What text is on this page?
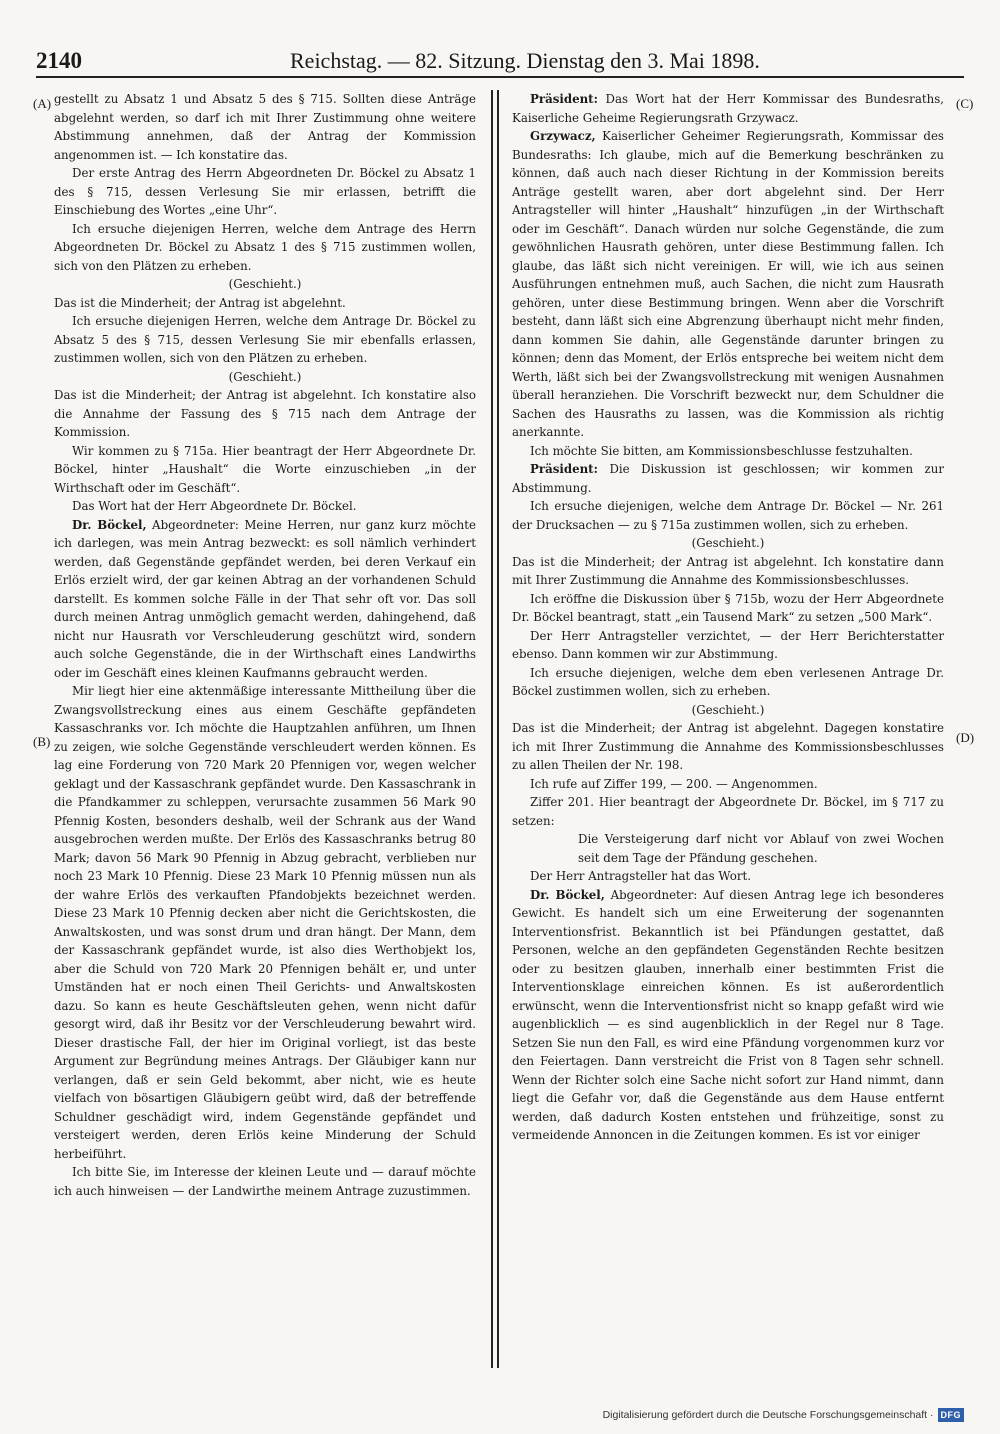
2140	Reichstag. — 82. Sitzung. Dienstag den 3. Mai 1898.
(A)
(B)
(C)
(D)

gestellt zu Absatz 1 und Absatz 5 des § 715. Sollten diese Anträge abgelehnt werden, so darf ich mit Ihrer Zustimmung ohne weitere Abstimmung annehmen, daß der Antrag der Kommission angenommen ist. — Ich konstatire das.

Der erste Antrag des Herrn Abgeordneten Dr. Böckel zu Absatz 1 des § 715, dessen Verlesung Sie mir erlassen, betrifft die Einschiebung des Wortes „eine Uhr“.

Ich ersuche diejenigen Herren, welche dem Antrage des Herrn Abgeordneten Dr. Böckel zu Absatz 1 des § 715 zustimmen wollen, sich von den Plätzen zu erheben.

(Geschieht.)

Das ist die Minderheit; der Antrag ist abgelehnt.

Ich ersuche diejenigen Herren, welche dem Antrage Dr. Böckel zu Absatz 5 des § 715, dessen Verlesung Sie mir ebenfalls erlassen, zustimmen wollen, sich von den Plätzen zu erheben.

(Geschieht.)

Das ist die Minderheit; der Antrag ist abgelehnt. Ich konstatire also die Annahme der Fassung des § 715 nach dem Antrage der Kommission.

Wir kommen zu § 715a. Hier beantragt der Herr Abgeordnete Dr. Böckel, hinter „Haushalt“ die Worte einzuschieben „in der Wirthschaft oder im Geschäft“.

Das Wort hat der Herr Abgeordnete Dr. Böckel.

Dr. Böckel, Abgeordneter: Meine Herren, nur ganz kurz möchte ich darlegen, was mein Antrag bezweckt: es soll nämlich verhindert werden, daß Gegenstände gepfändet werden, bei deren Verkauf ein Erlös erzielt wird, der gar keinen Abtrag an der vorhandenen Schuld darstellt. Es kommen solche Fälle in der That sehr oft vor. Das soll durch meinen Antrag unmöglich gemacht werden, dahingehend, daß nicht nur Hausrath vor Verschleuderung geschützt wird, sondern auch solche Gegenstände, die in der Wirthschaft eines Landwirths oder im Geschäft eines kleinen Kaufmanns gebraucht werden.

Mir liegt hier eine aktenmäßige interessante Mittheilung über die Zwangsvollstreckung eines aus einem Geschäfte gepfändeten Kassaschranks vor. Ich möchte die Hauptzahlen anführen, um Ihnen zu zeigen, wie solche Gegenstände verschleudert werden können. Es lag eine Forderung von 720 Mark 20 Pfennigen vor, wegen welcher geklagt und der Kassaschrank gepfändet wurde. Den Kassaschrank in die Pfandkammer zu schleppen, verursachte zusammen 56 Mark 90 Pfennig Kosten, besonders deshalb, weil der Schrank aus der Wand ausgebrochen werden mußte. Der Erlös des Kassaschranks betrug 80 Mark; davon 56 Mark 90 Pfennig in Abzug gebracht, verblieben nur noch 23 Mark 10 Pfennig. Diese 23 Mark 10 Pfennig müssen nun als der wahre Erlös des verkauften Pfandobjekts bezeichnet werden. Diese 23 Mark 10 Pfennig decken aber nicht die Gerichtskosten, die Anwaltskosten, und was sonst drum und dran hängt. Der Mann, dem der Kassaschrank gepfändet wurde, ist also dies Werthobjekt los, aber die Schuld von 720 Mark 20 Pfennigen behält er, und unter Umständen hat er noch einen Theil Gerichts- und Anwaltskosten dazu. So kann es heute Geschäftsleuten gehen, wenn nicht dafür gesorgt wird, daß ihr Besitz vor der Verschleuderung bewahrt wird. Dieser drastische Fall, der hier im Original vorliegt, ist das beste Argument zur Begründung meines Antrags. Der Gläubiger kann nur verlangen, daß er sein Geld bekommt, aber nicht, wie es heute vielfach von bösartigen Gläubigern geübt wird, daß der betreffende Schuldner geschädigt wird, indem Gegenstände gepfändet und versteigert werden, deren Erlös keine Minderung der Schuld herbeiführt.

Ich bitte Sie, im Interesse der kleinen Leute und — darauf möchte ich auch hinweisen — der Landwirthe meinem Antrage zuzustimmen.

Präsident: Das Wort hat der Herr Kommissar des Bundesraths, Kaiserliche Geheime Regierungsrath Grzywacz.

Grzywacz, Kaiserlicher Geheimer Regierungsrath, Kommissar des Bundesraths: Ich glaube, mich auf die Bemerkung beschränken zu können, daß auch nach dieser Richtung in der Kommission bereits Anträge gestellt waren, aber dort abgelehnt sind. Der Herr Antragsteller will hinter „Haushalt“ hinzufügen „in der Wirthschaft oder im Geschäft“. Danach würden nur solche Gegenstände, die zum gewöhnlichen Hausrath gehören, unter diese Bestimmung fallen. Ich glaube, das läßt sich nicht vereinigen. Er will, wie ich aus seinen Ausführungen entnehmen muß, auch Sachen, die nicht zum Hausrath gehören, unter diese Bestimmung bringen. Wenn aber die Vorschrift besteht, dann läßt sich eine Abgrenzung überhaupt nicht mehr finden, dann kommen Sie dahin, alle Gegenstände darunter bringen zu können; denn das Moment, der Erlös entspreche bei weitem nicht dem Werth, läßt sich bei der Zwangsvollstreckung mit wenigen Ausnahmen überall heranziehen. Die Vorschrift bezweckt nur, dem Schuldner die Sachen des Hausraths zu lassen, was die Kommission als richtig anerkannte.

Ich möchte Sie bitten, am Kommissionsbeschlusse festzuhalten.

Präsident: Die Diskussion ist geschlossen; wir kommen zur Abstimmung.

Ich ersuche diejenigen, welche dem Antrage Dr. Böckel — Nr. 261 der Drucksachen — zu § 715a zustimmen wollen, sich zu erheben.

(Geschieht.)

Das ist die Minderheit; der Antrag ist abgelehnt. Ich konstatire dann mit Ihrer Zustimmung die Annahme des Kommissionsbeschlusses.

Ich eröffne die Diskussion über § 715b, wozu der Herr Abgeordnete Dr. Böckel beantragt, statt „ein Tausend Mark“ zu setzen „500 Mark“.

Der Herr Antragsteller verzichtet, — der Herr Berichterstatter ebenso. Dann kommen wir zur Abstimmung.

Ich ersuche diejenigen, welche dem eben verlesenen Antrage Dr. Böckel zustimmen wollen, sich zu erheben.

(Geschieht.)

Das ist die Minderheit; der Antrag ist abgelehnt. Dagegen konstatire ich mit Ihrer Zustimmung die Annahme des Kommissionsbeschlusses zu allen Theilen der Nr. 198.

Ich rufe auf Ziffer 199, — 200. — Angenommen.

Ziffer 201. Hier beantragt der Abgeordnete Dr. Böckel, im § 717 zu setzen:

Die Versteigerung darf nicht vor Ablauf von zwei Wochen seit dem Tage der Pfändung geschehen.

Der Herr Antragsteller hat das Wort.

Dr. Böckel, Abgeordneter: Auf diesen Antrag lege ich besonderes Gewicht. Es handelt sich um eine Erweiterung der sogenannten Interventionsfrist. Bekanntlich ist bei Pfändungen gestattet, daß Personen, welche an den gepfändeten Gegenständen Rechte besitzen oder zu besitzen glauben, innerhalb einer bestimmten Frist die Interventionsklage einreichen können. Es ist außerordentlich erwünscht, wenn die Interventionsfrist nicht so knapp gefaßt wird wie augenblicklich — es sind augenblicklich in der Regel nur 8 Tage. Setzen Sie nun den Fall, es wird eine Pfändung vorgenommen kurz vor den Feiertagen. Dann verstreicht die Frist von 8 Tagen sehr schnell. Wenn der Richter solch eine Sache nicht sofort zur Hand nimmt, dann liegt die Gefahr vor, daß die Gegenstände aus dem Hause entfernt werden, daß dadurch Kosten entstehen und frühzeitige, sonst zu vermeidende Annoncen in die Zeitungen kommen. Es ist vor einiger

Digitalisierung gefördert durch die Deutsche Forschungsgemeinschaft · DFG
